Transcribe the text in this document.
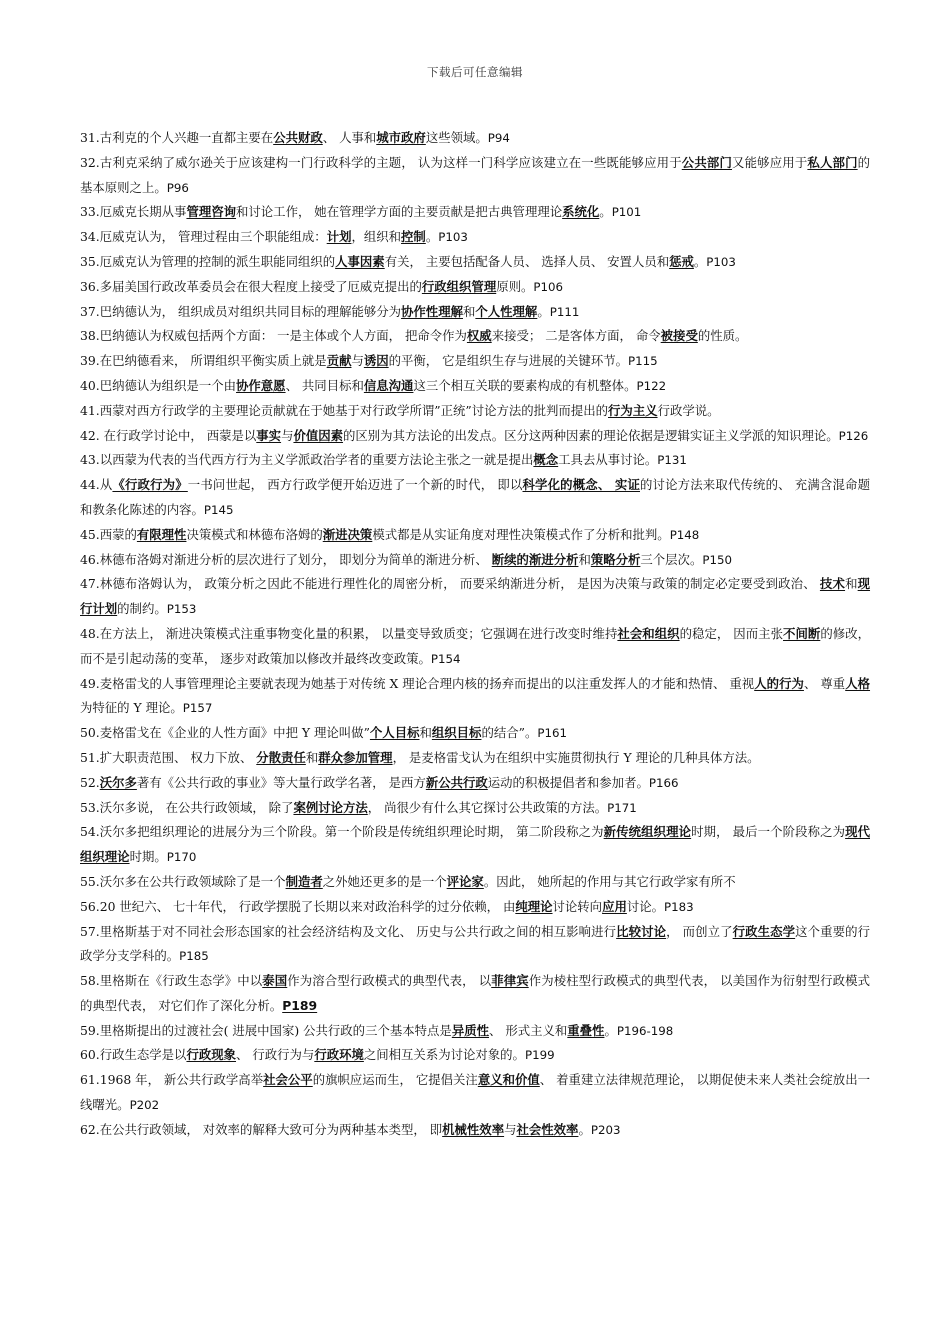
下载后可任意编辑

31.古利克的个人兴趣一直都主要在公共财政、 人事和城市政府这些领域。P94

32.古利克采纳了威尔逊关于应该建构一门行政科学的主题， 认为这样一门科学应该建立在一些既能够应用于公共部门又能够应用于私人部门的基本原则之上。P96

33.厄威克长期从事管理咨询和讨论工作， 她在管理学方面的主要贡献是把古典管理理论系统化。P101

34.厄威克认为， 管理过程由三个职能组成：计划，组织和控制。P103

35.厄威克认为管理的控制的派生职能同组织的人事因素有关， 主要包括配备人员、 选择人员、 安置人员和惩戒。P103

36.多届美国行政改革委员会在很大程度上接受了厄威克提出的行政组织管理原则。P106

37.巴纳德认为， 组织成员对组织共同目标的理解能够分为协作性理解和个人性理解。P111

38.巴纳德认为权威包括两个方面： 一是主体或个人方面， 把命令作为权威来接受； 二是客体方面， 命令被接受的性质。

39.在巴纳德看来， 所谓组织平衡实质上就是贡献与诱因的平衡， 它是组织生存与进展的关键环节。P115

40.巴纳德认为组织是一个由协作意愿、 共同目标和信息沟通这三个相互关联的要素构成的有机整体。P122

41.西蒙对西方行政学的主要理论贡献就在于她基于对行政学所谓”正统”讨论方法的批判而提出的行为主义行政学说。

42. 在行政学讨论中， 西蒙是以事实与价值因素的区别为其方法论的出发点。区分这两种因素的理论依据是逻辑实证主义学派的知识理论。P126

43.以西蒙为代表的当代西方行为主义学派政治学者的重要方法论主张之一就是提出概念工具去从事讨论。P131

44.从《行政行为》一书问世起， 西方行政学便开始迈进了一个新的时代， 即以科学化的概念、 实证的讨论方法来取代传统的、 充满含混命题和教条化陈述的内容。P145

45.西蒙的有限理性决策模式和林德布洛姆的渐进决策模式都是从实证角度对理性决策模式作了分析和批判。P148

46.林德布洛姆对渐进分析的层次进行了划分， 即划分为简单的渐进分析、 断续的渐进分析和策略分析三个层次。P150

47.林德布洛姆认为， 政策分析之因此不能进行理性化的周密分析， 而要采纳渐进分析， 是因为决策与政策的制定必定要受到政治、 技术和现行计划的制约。P153

48.在方法上， 渐进决策模式注重事物变化量的积累， 以量变导致质变；它强调在进行改变时维持社会和组织的稳定， 因而主张不间断的修改， 而不是引起动荡的变革， 逐步对政策加以修改并最终改变政策。P154

49.麦格雷戈的人事管理理论主要就表现为她基于对传统 X 理论合理内核的扬弃而提出的以注重发挥人的才能和热情、 重视人的行为、 尊重人格为特征的 Y 理论。P157

50.麦格雷戈在《企业的人性方面》中把 Y 理论叫做”个人目标和组织目标的结合”。P161

51.扩大职责范围、 权力下放、 分散责任和群众参加管理， 是麦格雷戈认为在组织中实施贯彻执行 Y 理论的几种具体方法。

52.沃尔多著有《公共行政的事业》等大量行政学名著， 是西方新公共行政运动的积极提倡者和参加者。P166

53.沃尔多说， 在公共行政领域， 除了案例讨论方法， 尚很少有什么其它探讨公共政策的方法。P171

54.沃尔多把组织理论的进展分为三个阶段。第一个阶段是传统组织理论时期， 第二阶段称之为新传统组织理论时期， 最后一个阶段称之为现代组织理论时期。P170

55.沃尔多在公共行政领域除了是一个制造者之外她还更多的是一个评论家。因此， 她所起的作用与其它行政学家有所不

56.20 世纪六、 七十年代， 行政学摆脱了长期以来对政治科学的过分依赖， 由纯理论讨论转向应用讨论。P183

57.里格斯基于对不同社会形态国家的社会经济结构及文化、 历史与公共行政之间的相互影响进行比较讨论， 而创立了行政生态学这个重要的行政学分支学科的。P185

58.里格斯在《行政生态学》中以泰国作为溶合型行政模式的典型代表， 以菲律宾作为棱柱型行政模式的典型代表， 以美国作为衍射型行政模式的典型代表， 对它们作了深化分析。P189

59.里格斯提出的过渡社会( 进展中国家) 公共行政的三个基本特点是异质性、 形式主义和重叠性。P196-198

60.行政生态学是以行政现象、 行政行为与行政环境之间相互关系为讨论对象的。P199

61.1968 年， 新公共行政学高举社会公平的旗帜应运而生， 它提倡关注意义和价值、 着重建立法律规范理论， 以期促使未来人类社会绽放出一线曙光。P202

62.在公共行政领域， 对效率的解释大致可分为两种基本类型， 即机械性效率与社会性效率。P203
